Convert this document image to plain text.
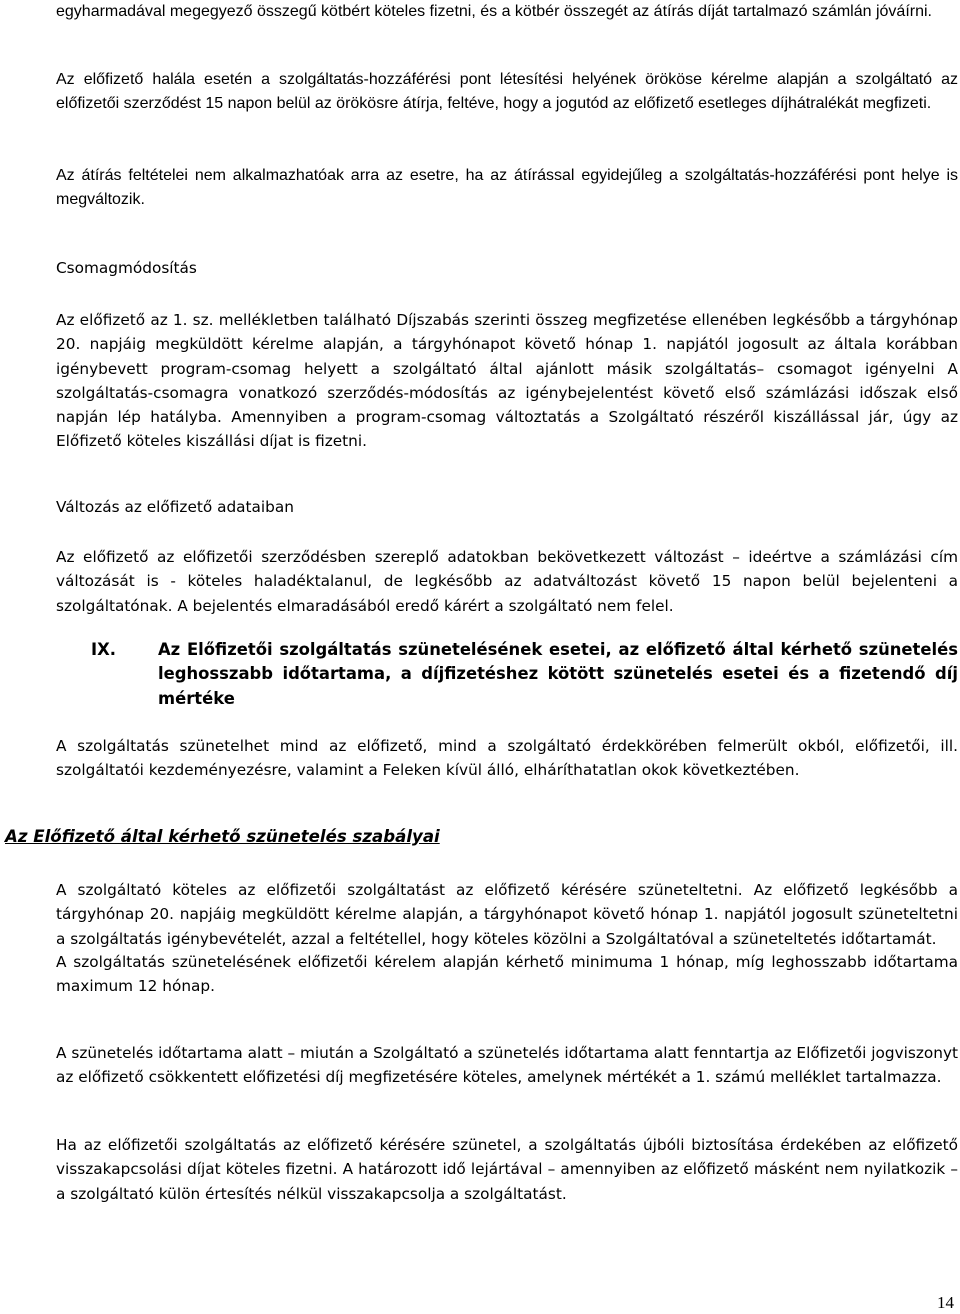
egyharmadával megegyező összegű kötbért köteles fizetni, és a kötbér összegét az átírás díját tartalmazó számlán jóváírni.

Az előfizető halála esetén a szolgáltatás-hozzáférési pont létesítési helyének örököse kérelme alapján a szolgáltató az előfizetői szerződést 15 napon belül az örökösre átírja, feltéve, hogy a jogutód az előfizető esetleges díjhátralékát megfizeti.

Az átírás feltételei nem alkalmazhatóak arra az esetre, ha az átírással egyidejűleg a szolgáltatás-hozzáférési pont helye is megváltozik.

Csomagmódosítás

Az előfizető az 1. sz. mellékletben található Díjszabás szerinti összeg megfizetése ellenében legkésőbb a tárgyhónap 20. napjáig megküldött kérelme alapján, a tárgyhónapot követő hónap 1. napjától jogosult az általa korábban igénybevett program-csomag helyett a szolgáltató által ajánlott másik szolgáltatás– csomagot igényelni A szolgáltatás-csomagra vonatkozó szerződés-módosítás az igénybejelentést követő első számlázási időszak első napján lép hatályba. Amennyiben a program-csomag változtatás a Szolgáltató részéről kiszállással jár, úgy az Előfizető köteles kiszállási díjat is fizetni.

Változás az előfizető adataiban

Az előfizető az előfizetői szerződésben szereplő adatokban bekövetkezett változást – ideértve a számlázási cím változását is - köteles haladéktalanul, de legkésőbb az adatváltozást követő 15 napon belül bejelenteni a szolgáltatónak. A bejelentés elmaradásából eredő kárért a szolgáltató nem felel.

IX.	Az Előfizetői szolgáltatás szünetelésének esetei, az előfizető által kérhető szünetelés leghosszabb időtartama, a díjfizetéshez kötött szünetelés esetei és a fizetendő díj mértéke

A szolgáltatás szünetelhet mind az előfizető, mind a szolgáltató érdekkörében felmerült okból, előfizetői, ill. szolgáltatói kezdeményezésre, valamint a Feleken kívül álló, elháríthatatlan okok következtében.

Az Előfizető által kérhető szünetelés szabályai

A szolgáltató köteles az előfizetői szolgáltatást az előfizető kérésére szüneteltetni. Az előfizető legkésőbb a tárgyhónap 20. napjáig megküldött kérelme alapján, a tárgyhónapot követő hónap 1. napjától jogosult szüneteltetni a szolgáltatás igénybevételét, azzal a feltétellel, hogy köteles közölni a Szolgáltatóval a szüneteltetés időtartamát.

A szolgáltatás szünetelésének előfizetői kérelem alapján kérhető minimuma 1 hónap, míg leghosszabb időtartama maximum 12 hónap.

A szünetelés időtartama alatt – miután a Szolgáltató a szünetelés időtartama alatt fenntartja az Előfizetői jogviszonyt az előfizető csökkentett előfizetési díj megfizetésére köteles, amelynek mértékét a 1. számú melléklet tartalmazza.

Ha az előfizetői szolgáltatás az előfizető kérésére szünetel, a szolgáltatás újbóli biztosítása érdekében az előfizető visszakapcsolási díjat köteles fizetni. A határozott idő lejártával – amennyiben az előfizető másként nem nyilatkozik – a szolgáltató külön értesítés nélkül visszakapcsolja a szolgáltatást.

14
